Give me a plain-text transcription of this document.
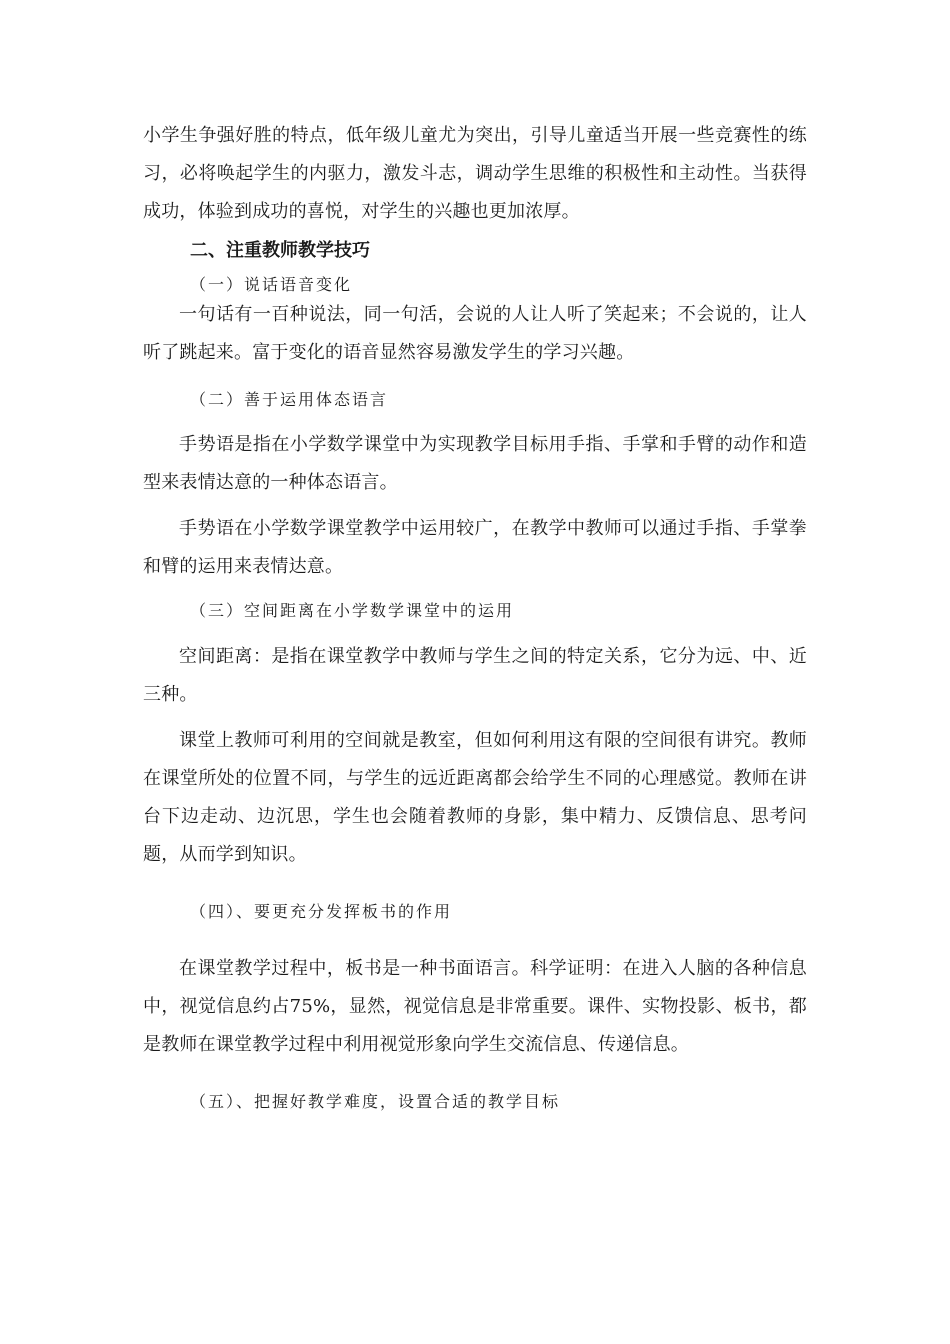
小学生争强好胜的特点，低年级儿童尤为突出，引导儿童适当开展一些竞赛性的练习，必将唤起学生的内驱力，激发斗志，调动学生思维的积极性和主动性。当获得成功，体验到成功的喜悦，对学生的兴趣也更加浓厚。

二、注重教师教学技巧
（一）说话语音变化

一句话有一百种说法，同一句活，会说的人让人听了笑起来；不会说的，让人听了跳起来。富于变化的语音显然容易激发学生的学习兴趣。

（二）善于运用体态语言

手势语是指在小学数学课堂中为实现教学目标用手指、手掌和手臂的动作和造型来表情达意的一种体态语言。

手势语在小学数学课堂教学中运用较广，在教学中教师可以通过手指、手掌拳和臂的运用来表情达意。

（三）空间距离在小学数学课堂中的运用

空间距离：是指在课堂教学中教师与学生之间的特定关系，它分为远、中、近三种。

课堂上教师可利用的空间就是教室，但如何利用这有限的空间很有讲究。教师在课堂所处的位置不同，与学生的远近距离都会给学生不同的心理感觉。教师在讲台下边走动、边沉思，学生也会随着教师的身影，集中精力、反馈信息、思考问题，从而学到知识。

（四）、要更充分发挥板书的作用

在课堂教学过程中，板书是一种书面语言。科学证明：在进入人脑的各种信息中，视觉信息约占75%，显然，视觉信息是非常重要。课件、实物投影、板书，都是教师在课堂教学过程中利用视觉形象向学生交流信息、传递信息。

（五）、把握好教学难度，设置合适的教学目标
